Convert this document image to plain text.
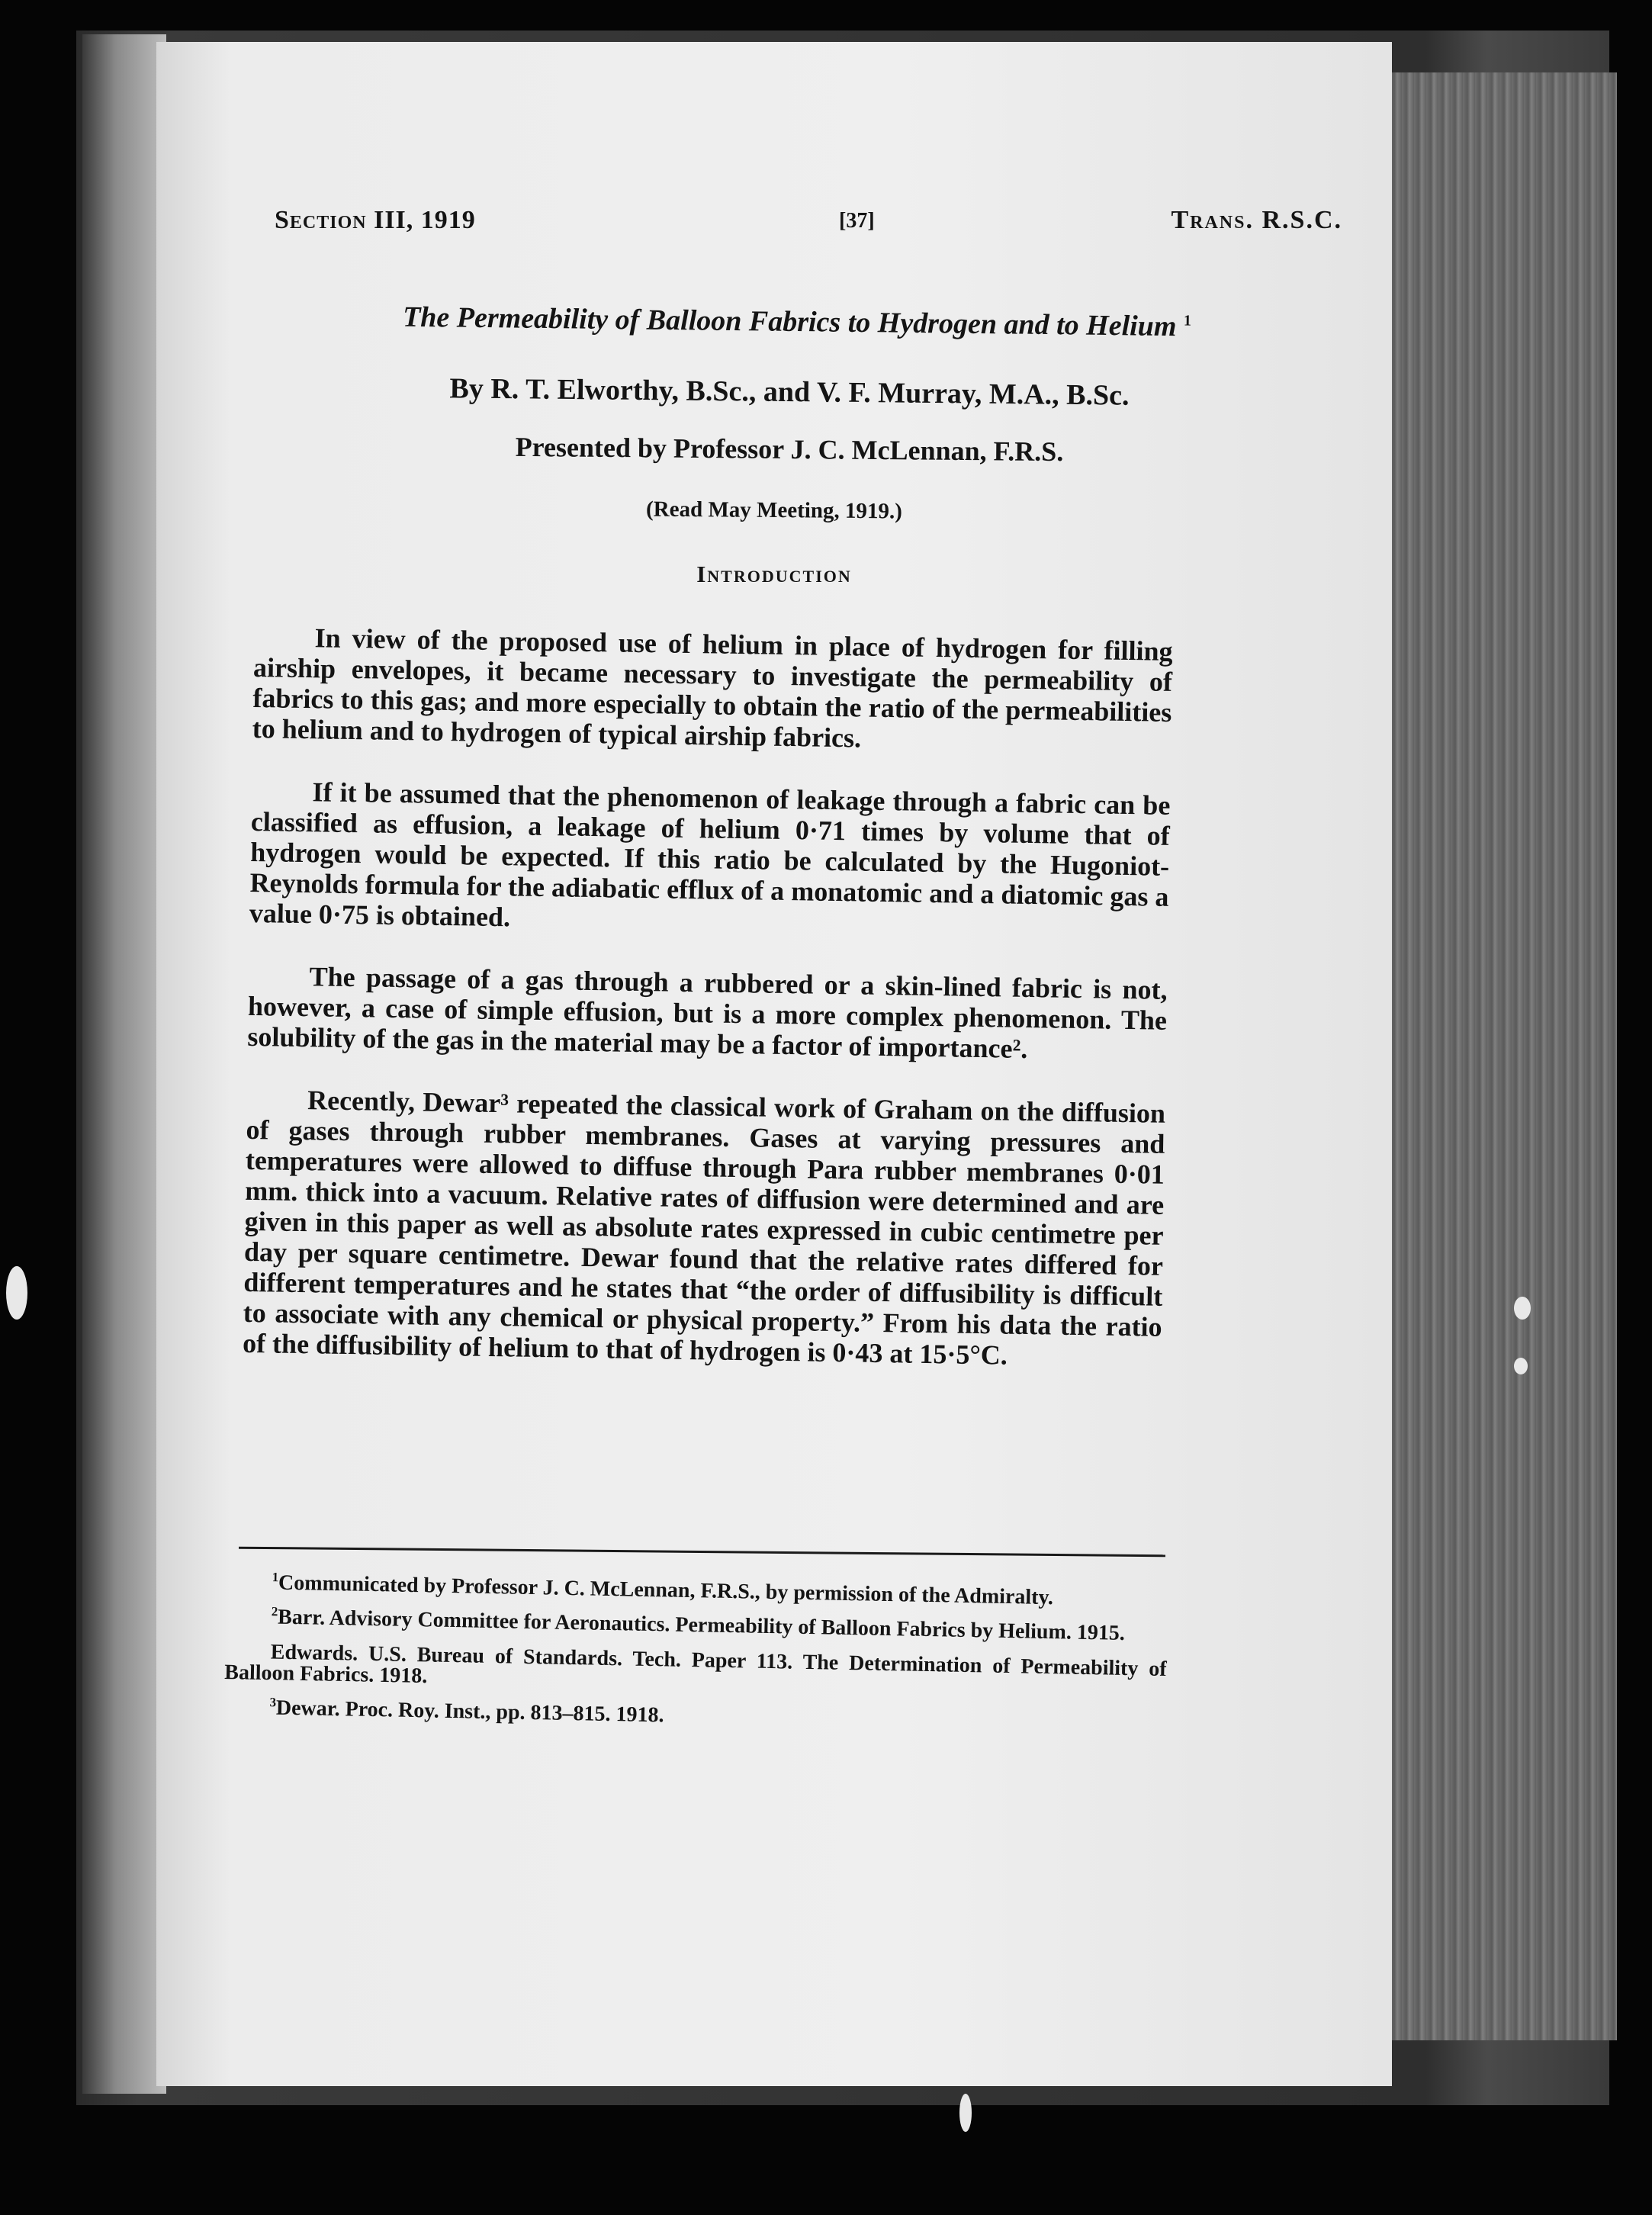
Section III, 1919	[37]	Trans. R.S.C.
The Permeability of Balloon Fabrics to Hydrogen and to Helium $^1$
By R. T. Elworthy, B.Sc., and V. F. Murray, M.A., B.Sc.
Presented by Professor J. C. McLennan, F.R.S.
(Read May Meeting, 1919.)
Introduction

In view of the proposed use of helium in place of hydrogen for filling airship envelopes, it became necessary to investigate the permeability of fabrics to this gas; and more especially to obtain the ratio of the permeabilities to helium and to hydrogen of typical airship fabrics.

If it be assumed that the phenomenon of leakage through a fabric can be classified as effusion, a leakage of helium 0·71 times by volume that of hydrogen would be expected. If this ratio be calculated by the Hugoniot-Reynolds formula for the adiabatic efflux of a monatomic and a diatomic gas a value 0·75 is obtained.

The passage of a gas through a rubbered or a skin-lined fabric is not, however, a case of simple effusion, but is a more complex phenomenon. The solubility of the gas in the material may be a factor of importance².

Recently, Dewar³ repeated the classical work of Graham on the diffusion of gases through rubber membranes. Gases at varying pressures and temperatures were allowed to diffuse through Para rubber membranes 0·01 mm. thick into a vacuum. Relative rates of diffusion were determined and are given in this paper as well as absolute rates expressed in cubic centimetre per day per square centimetre. Dewar found that the relative rates differed for different temperatures and he states that “the order of diffusibility is difficult to associate with any chemical or physical property.” From his data the ratio of the diffusibility of helium to that of hydrogen is 0·43 at 15·5°C.

$^1$Communicated by Professor J. C. McLennan, F.R.S., by permission of the Admiralty.

$^2$Barr. Advisory Committee for Aeronautics. Permeability of Balloon Fabrics by Helium. 1915.

Edwards. U.S. Bureau of Standards. Tech. Paper 113. The Determination of Permeability of Balloon Fabrics. 1918.

$^3$Dewar. Proc. Roy. Inst., pp. 813–815. 1918.
